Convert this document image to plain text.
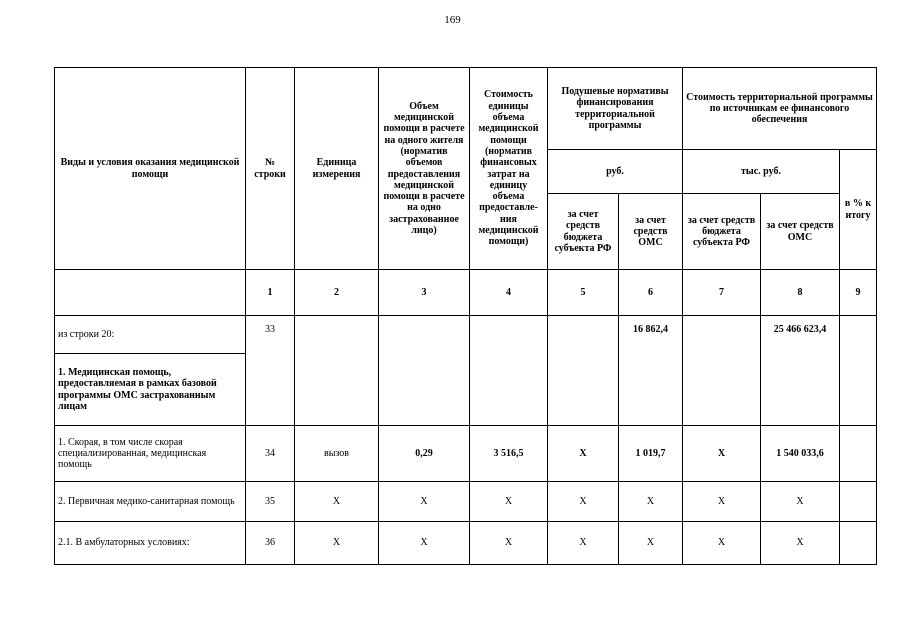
169
Виды и условия оказания медицинской помощи	№ строки	Единица измерения	Объем медицинской помощи в расчете на одного жителя (норматив объемов предоставления медицинской помощи в расчете на одно застрахованное лицо)	Стоимость единицы объема медицинской помощи (норматив финансовых затрат на единицу объема предоставле-ния медицинской помощи)	Подушевые нормативы финансирования территориальной программы		Стоимость территориальной программы по источникам ее финансового обеспечения		
					руб.		тыс. руб.		в % к итогу
					за счет средств бюджета субъекта РФ	за счет средств ОМС	за счет средств бюджета субъекта РФ	за счет средств ОМС	
	1	2	3	4	5	6	7	8	9
из строки 20:	33					16 862,4		25 466 623,4	
1. Медицинская помощь, предоставляемая в рамках базовой программы ОМС застрахованным лицам									
1. Скорая, в том числе скорая специализированная, медицинская помощь	34	вызов	0,29	3 516,5	Х	1 019,7	Х	1 540 033,6	
2. Первичная медико-санитарная помощь	35	Х	Х	Х	Х	Х	Х	Х	
2.1. В амбулаторных условиях:	36	Х	Х	Х	Х	Х	Х	Х	
